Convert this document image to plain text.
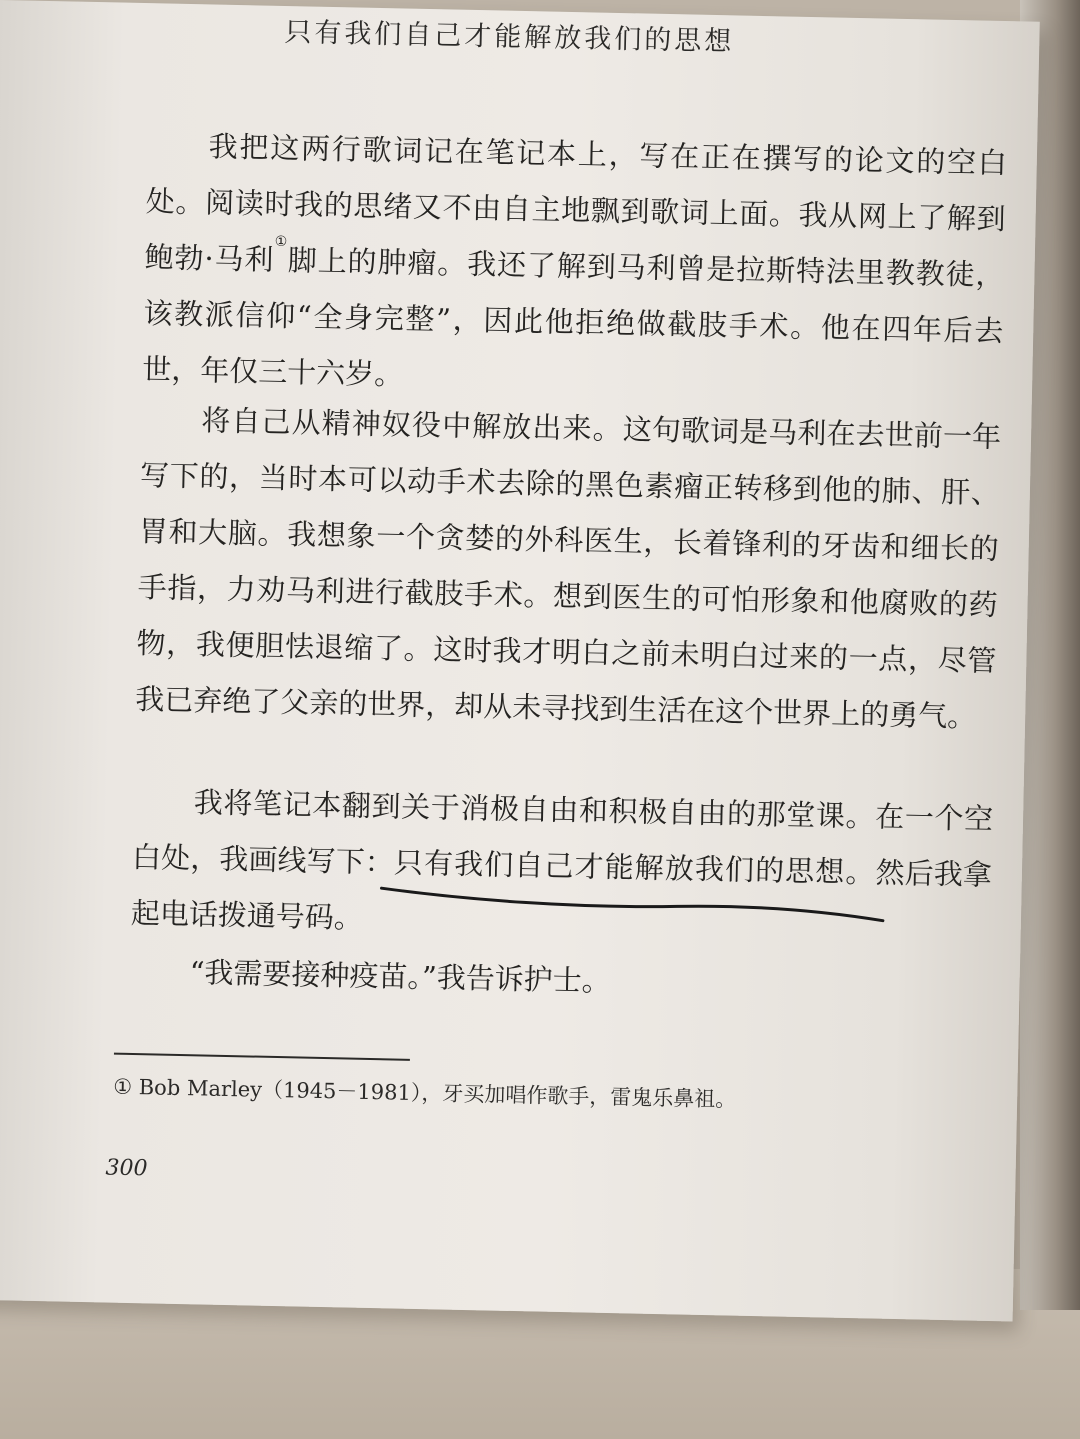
只有我们自己才能解放我们的思想
我把这两行歌词记在笔记本上，写在正在撰写的论文的空白处。阅读时我的思绪又不由自主地飘到歌词上面。我从网上了解到鲍勃·马利①脚上的肿瘤。我还了解到马利曾是拉斯特法里教教徒，该教派信仰“全身完整”，因此他拒绝做截肢手术。他在四年后去世，年仅三十六岁。
将自己从精神奴役中解放出来。这句歌词是马利在去世前一年写下的，当时本可以动手术去除的黑色素瘤正转移到他的肺、肝、胃和大脑。我想象一个贪婪的外科医生，长着锋利的牙齿和细长的手指，力劝马利进行截肢手术。想到医生的可怕形象和他腐败的药物，我便胆怯退缩了。这时我才明白之前未明白过来的一点，尽管我已弃绝了父亲的世界，却从未寻找到生活在这个世界上的勇气。
我将笔记本翻到关于消极自由和积极自由的那堂课。在一个空白处，我画线写下：只有我们自己才能解放我们的思想。然后我拿起电话拨通号码。
“我需要接种疫苗。”我告诉护士。
① Bob Marley（1945－1981），牙买加唱作歌手，雷鬼乐鼻祖。
300
